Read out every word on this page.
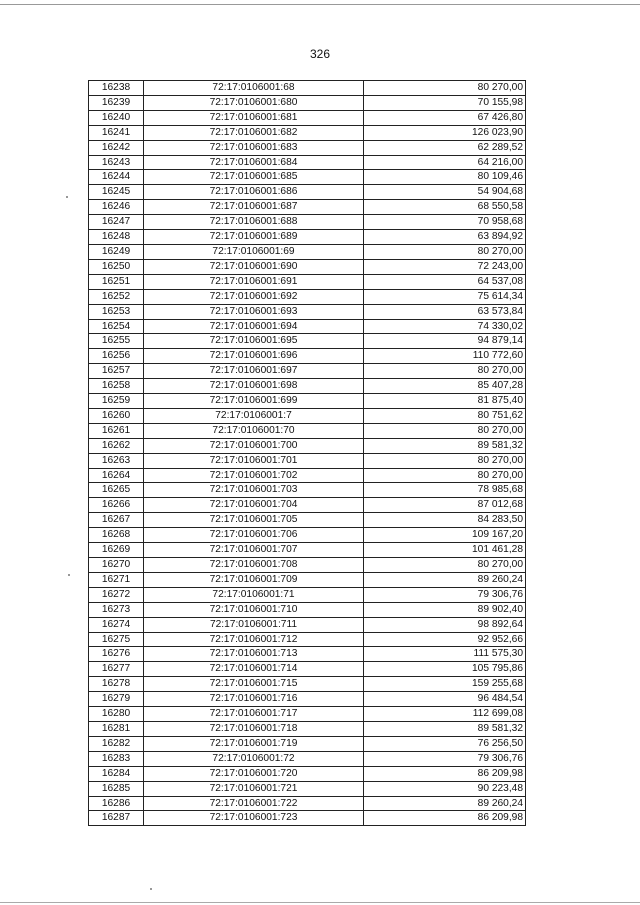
326
16238	72:17:0106001:68	80 270,00
16239	72:17:0106001:680	70 155,98
16240	72:17:0106001:681	67 426,80
16241	72:17:0106001:682	126 023,90
16242	72:17:0106001:683	62 289,52
16243	72:17:0106001:684	64 216,00
16244	72:17:0106001:685	80 109,46
16245	72:17:0106001:686	54 904,68
16246	72:17:0106001:687	68 550,58
16247	72:17:0106001:688	70 958,68
16248	72:17:0106001:689	63 894,92
16249	72:17:0106001:69	80 270,00
16250	72:17:0106001:690	72 243,00
16251	72:17:0106001:691	64 537,08
16252	72:17:0106001:692	75 614,34
16253	72:17:0106001:693	63 573,84
16254	72:17:0106001:694	74 330,02
16255	72:17:0106001:695	94 879,14
16256	72:17:0106001:696	110 772,60
16257	72:17:0106001:697	80 270,00
16258	72:17:0106001:698	85 407,28
16259	72:17:0106001:699	81 875,40
16260	72:17:0106001:7	80 751,62
16261	72:17:0106001:70	80 270,00
16262	72:17:0106001:700	89 581,32
16263	72:17:0106001:701	80 270,00
16264	72:17:0106001:702	80 270,00
16265	72:17:0106001:703	78 985,68
16266	72:17:0106001:704	87 012,68
16267	72:17:0106001:705	84 283,50
16268	72:17:0106001:706	109 167,20
16269	72:17:0106001:707	101 461,28
16270	72:17:0106001:708	80 270,00
16271	72:17:0106001:709	89 260,24
16272	72:17:0106001:71	79 306,76
16273	72:17:0106001:710	89 902,40
16274	72:17:0106001:711	98 892,64
16275	72:17:0106001:712	92 952,66
16276	72:17:0106001:713	111 575,30
16277	72:17:0106001:714	105 795,86
16278	72:17:0106001:715	159 255,68
16279	72:17:0106001:716	96 484,54
16280	72:17:0106001:717	112 699,08
16281	72:17:0106001:718	89 581,32
16282	72:17:0106001:719	76 256,50
16283	72:17:0106001:72	79 306,76
16284	72:17:0106001:720	86 209,98
16285	72:17:0106001:721	90 223,48
16286	72:17:0106001:722	89 260,24
16287	72:17:0106001:723	86 209,98
